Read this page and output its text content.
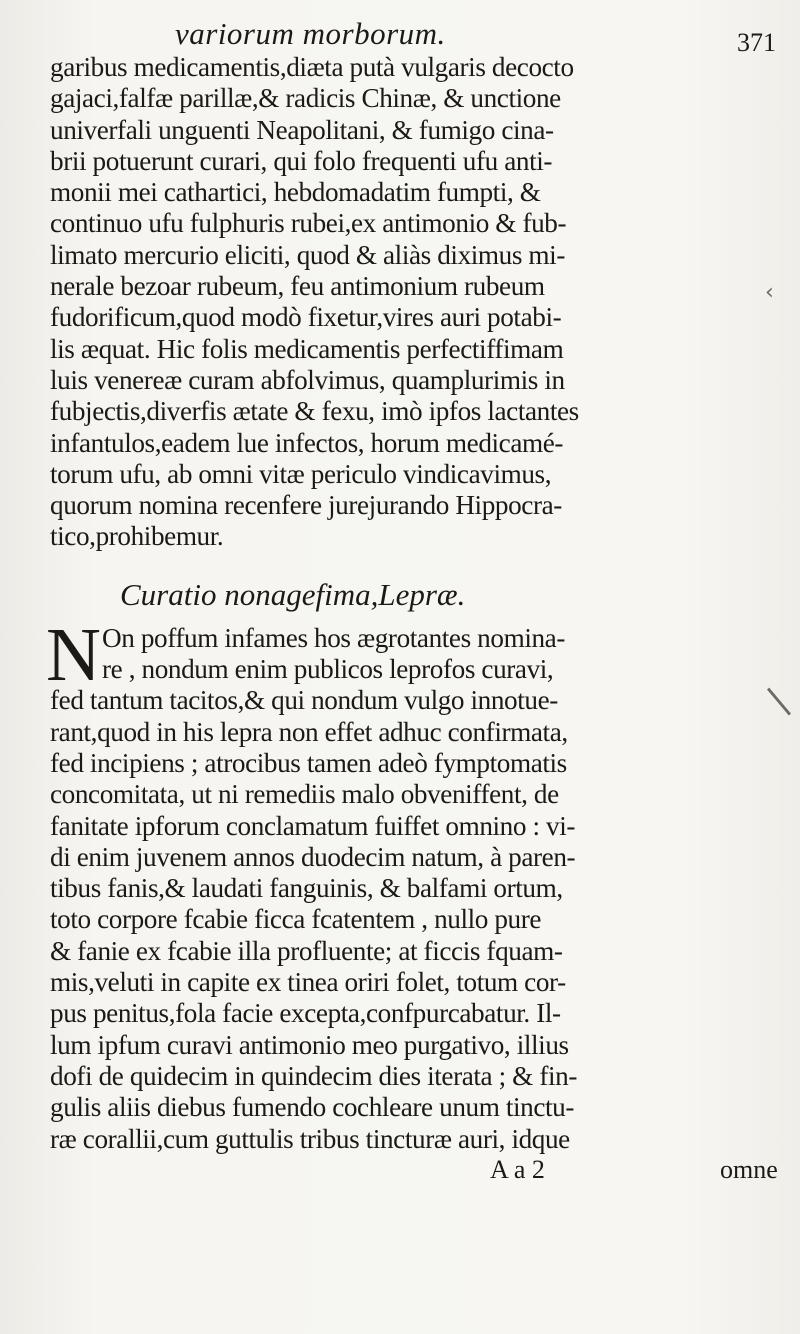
variorum morborum.	371
garibus medicamentis,diæta putà vulgaris decocto
gajaci,falfæ parillæ,& radicis Chinæ, & unctione
univerfali unguenti Neapolitani, & fumigo cina-
brii potuerunt curari, qui folo frequenti ufu anti-
monii mei cathartici, hebdomadatim fumpti, &
continuo ufu fulphuris rubei,ex antimonio & fub-
limato mercurio eliciti, quod & aliàs diximus mi-
nerale bezoar rubeum, feu antimonium rubeum
fudorificum,quod modò fixetur,vires auri potabi-
lis æquat. Hic folis medicamentis perfectiffimam
luis venereæ curam abfolvimus, quamplurimis in
fubjectis,diverfis ætate & fexu, imò ipfos lactantes
infantulos,eadem lue infectos, horum medicamé-
torum ufu, ab omni vitæ periculo vindicavimus,
quorum nomina recenfere jurejurando Hippocra-
tico,prohibemur.
Curatio nonagefima,Lepræ.
N On poffum infames hos ægrotantes nomina-
re , nondum enim publicos leprofos curavi,
fed tantum tacitos,& qui nondum vulgo innotue-
rant,quod in his lepra non effet adhuc confirmata,
fed incipiens ; atrocibus tamen adeò fymptomatis
concomitata, ut ni remediis malo obveniffent, de
fanitate ipforum conclamatum fuiffet omnino : vi-
di enim juvenem annos duodecim natum, à paren-
tibus fanis,& laudati fanguinis, & balfami ortum,
toto corpore fcabie ficca fcatentem , nullo pure
& fanie ex fcabie illa profluente; at ficcis fquam-
mis,veluti in capite ex tinea oriri folet, totum cor-
pus penitus,fola facie excepta,confpurcabatur. Il-
lum ipfum curavi antimonio meo purgativo, illius
dofi de quidecim in quindecim dies iterata ; & fin-
gulis aliis diebus fumendo cochleare unum tinctu-
ræ corallii,cum guttulis tribus tincturæ auri, idque
A a 2	omne
‹
|
